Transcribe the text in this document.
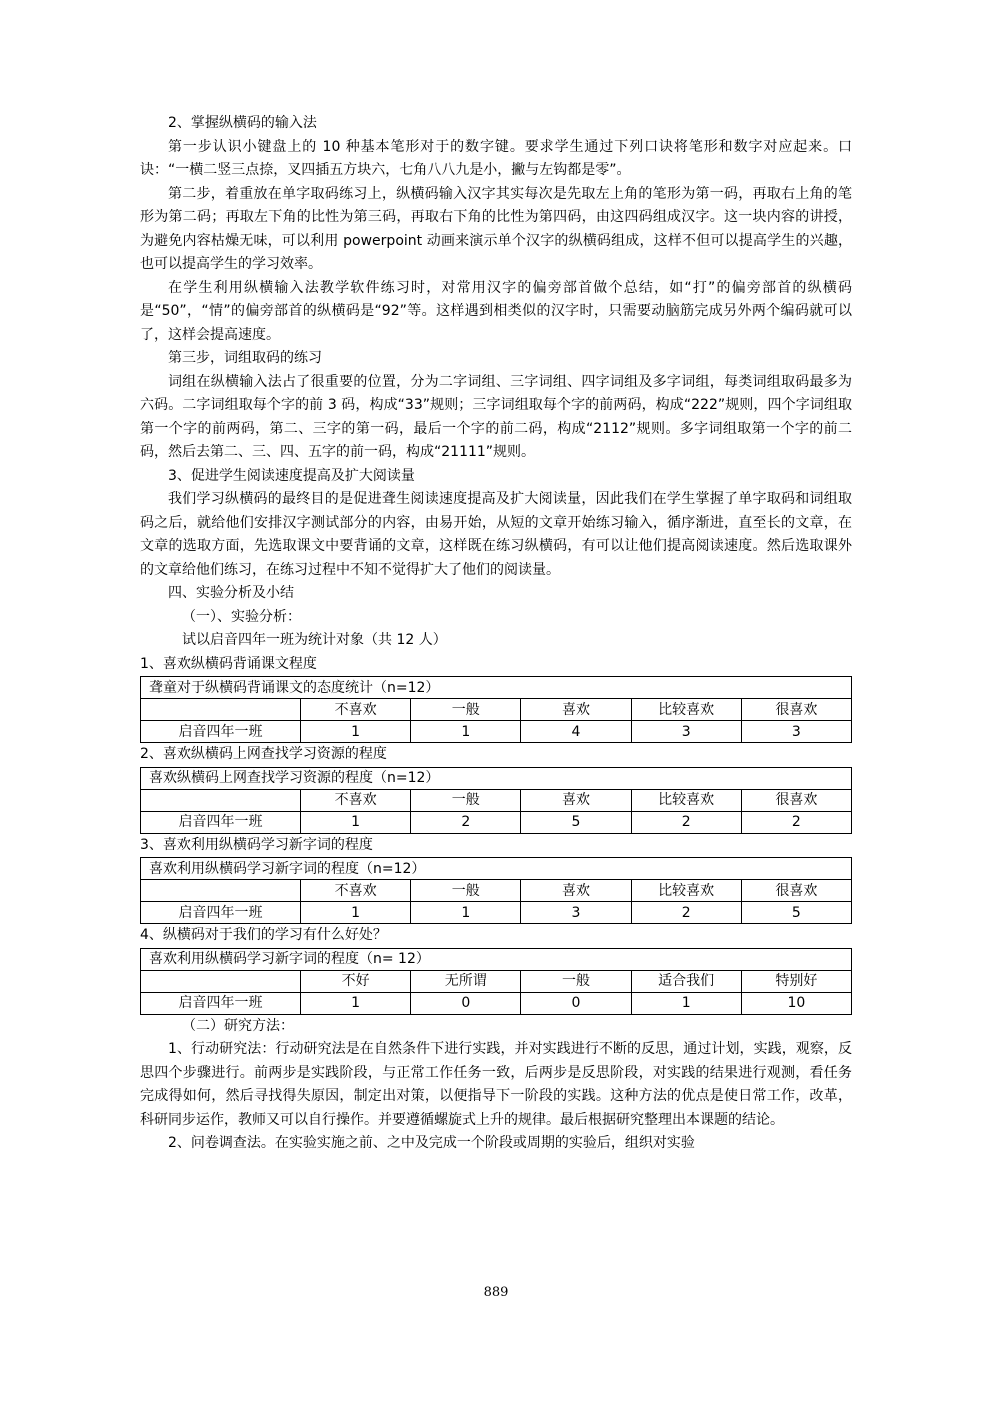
2、掌握纵横码的输入法

第一步认识小键盘上的 10 种基本笔形对于的数字键。要求学生通过下列口诀将笔形和数字对应起来。口诀：“一横二竖三点捺，叉四插五方块六，七角八八九是小，撇与左钩都是零”。

第二步，着重放在单字取码练习上，纵横码输入汉字其实每次是先取左上角的笔形为第一码，再取右上角的笔形为第二码；再取左下角的比性为第三码，再取右下角的比性为第四码，由这四码组成汉字。这一块内容的讲授，为避免内容枯燥无味，可以利用 powerpoint 动画来演示单个汉字的纵横码组成，这样不但可以提高学生的兴趣，也可以提高学生的学习效率。

在学生利用纵横输入法教学软件练习时，对常用汉字的偏旁部首做个总结，如“打”的偏旁部首的纵横码是“50”，“情”的偏旁部首的纵横码是“92”等。这样遇到相类似的汉字时，只需要动脑筋完成另外两个编码就可以了，这样会提高速度。

第三步，词组取码的练习

词组在纵横输入法占了很重要的位置，分为二字词组、三字词组、四字词组及多字词组，每类词组取码最多为六码。二字词组取每个字的前 3 码，构成“33”规则；三字词组取每个字的前两码，构成“222”规则，四个字词组取第一个字的前两码，第二、三字的第一码，最后一个字的前二码，构成“2112”规则。多字词组取第一个字的前二码，然后去第二、三、四、五字的前一码，构成“21111”规则。

3、促进学生阅读速度提高及扩大阅读量

我们学习纵横码的最终目的是促进聋生阅读速度提高及扩大阅读量，因此我们在学生掌握了单字取码和词组取码之后，就给他们安排汉字测试部分的内容，由易开始，从短的文章开始练习输入，循序渐进，直至长的文章，在文章的选取方面，先选取课文中要背诵的文章，这样既在练习纵横码，有可以让他们提高阅读速度。然后选取课外的文章给他们练习，在练习过程中不知不觉得扩大了他们的阅读量。

四、实验分析及小结
（一）、实验分析：
试以启音四年一班为统计对象（共 12 人）
1、喜欢纵横码背诵课文程度
聋童对于纵横码背诵课文的态度统计（n=12）					
	不喜欢	一般	喜欢	比较喜欢	很喜欢
启音四年一班	1	1	4	3	3
2、喜欢纵横码上网查找学习资源的程度
喜欢纵横码上网查找学习资源的程度（n=12）					
	不喜欢	一般	喜欢	比较喜欢	很喜欢
启音四年一班	1	2	5	2	2
3、喜欢利用纵横码学习新字词的程度
喜欢利用纵横码学习新字词的程度（n=12）					
	不喜欢	一般	喜欢	比较喜欢	很喜欢
启音四年一班	1	1	3	2	5
4、纵横码对于我们的学习有什么好处？
喜欢利用纵横码学习新字词的程度（n= 12）					
	不好	无所谓	一般	适合我们	特别好
启音四年一班	1	0	0	1	10
（二）研究方法：

1、行动研究法：行动研究法是在自然条件下进行实践，并对实践进行不断的反思，通过计划，实践，观察，反思四个步骤进行。前两步是实践阶段，与正常工作任务一致，后两步是反思阶段，对实践的结果进行观测，看任务完成得如何，然后寻找得失原因，制定出对策，以便指导下一阶段的实践。这种方法的优点是使日常工作，改革，科研同步运作，教师又可以自行操作。并要遵循螺旋式上升的规律。最后根据研究整理出本课题的结论。

2、问卷调查法。在实验实施之前、之中及完成一个阶段或周期的实验后，组织对实验

889
